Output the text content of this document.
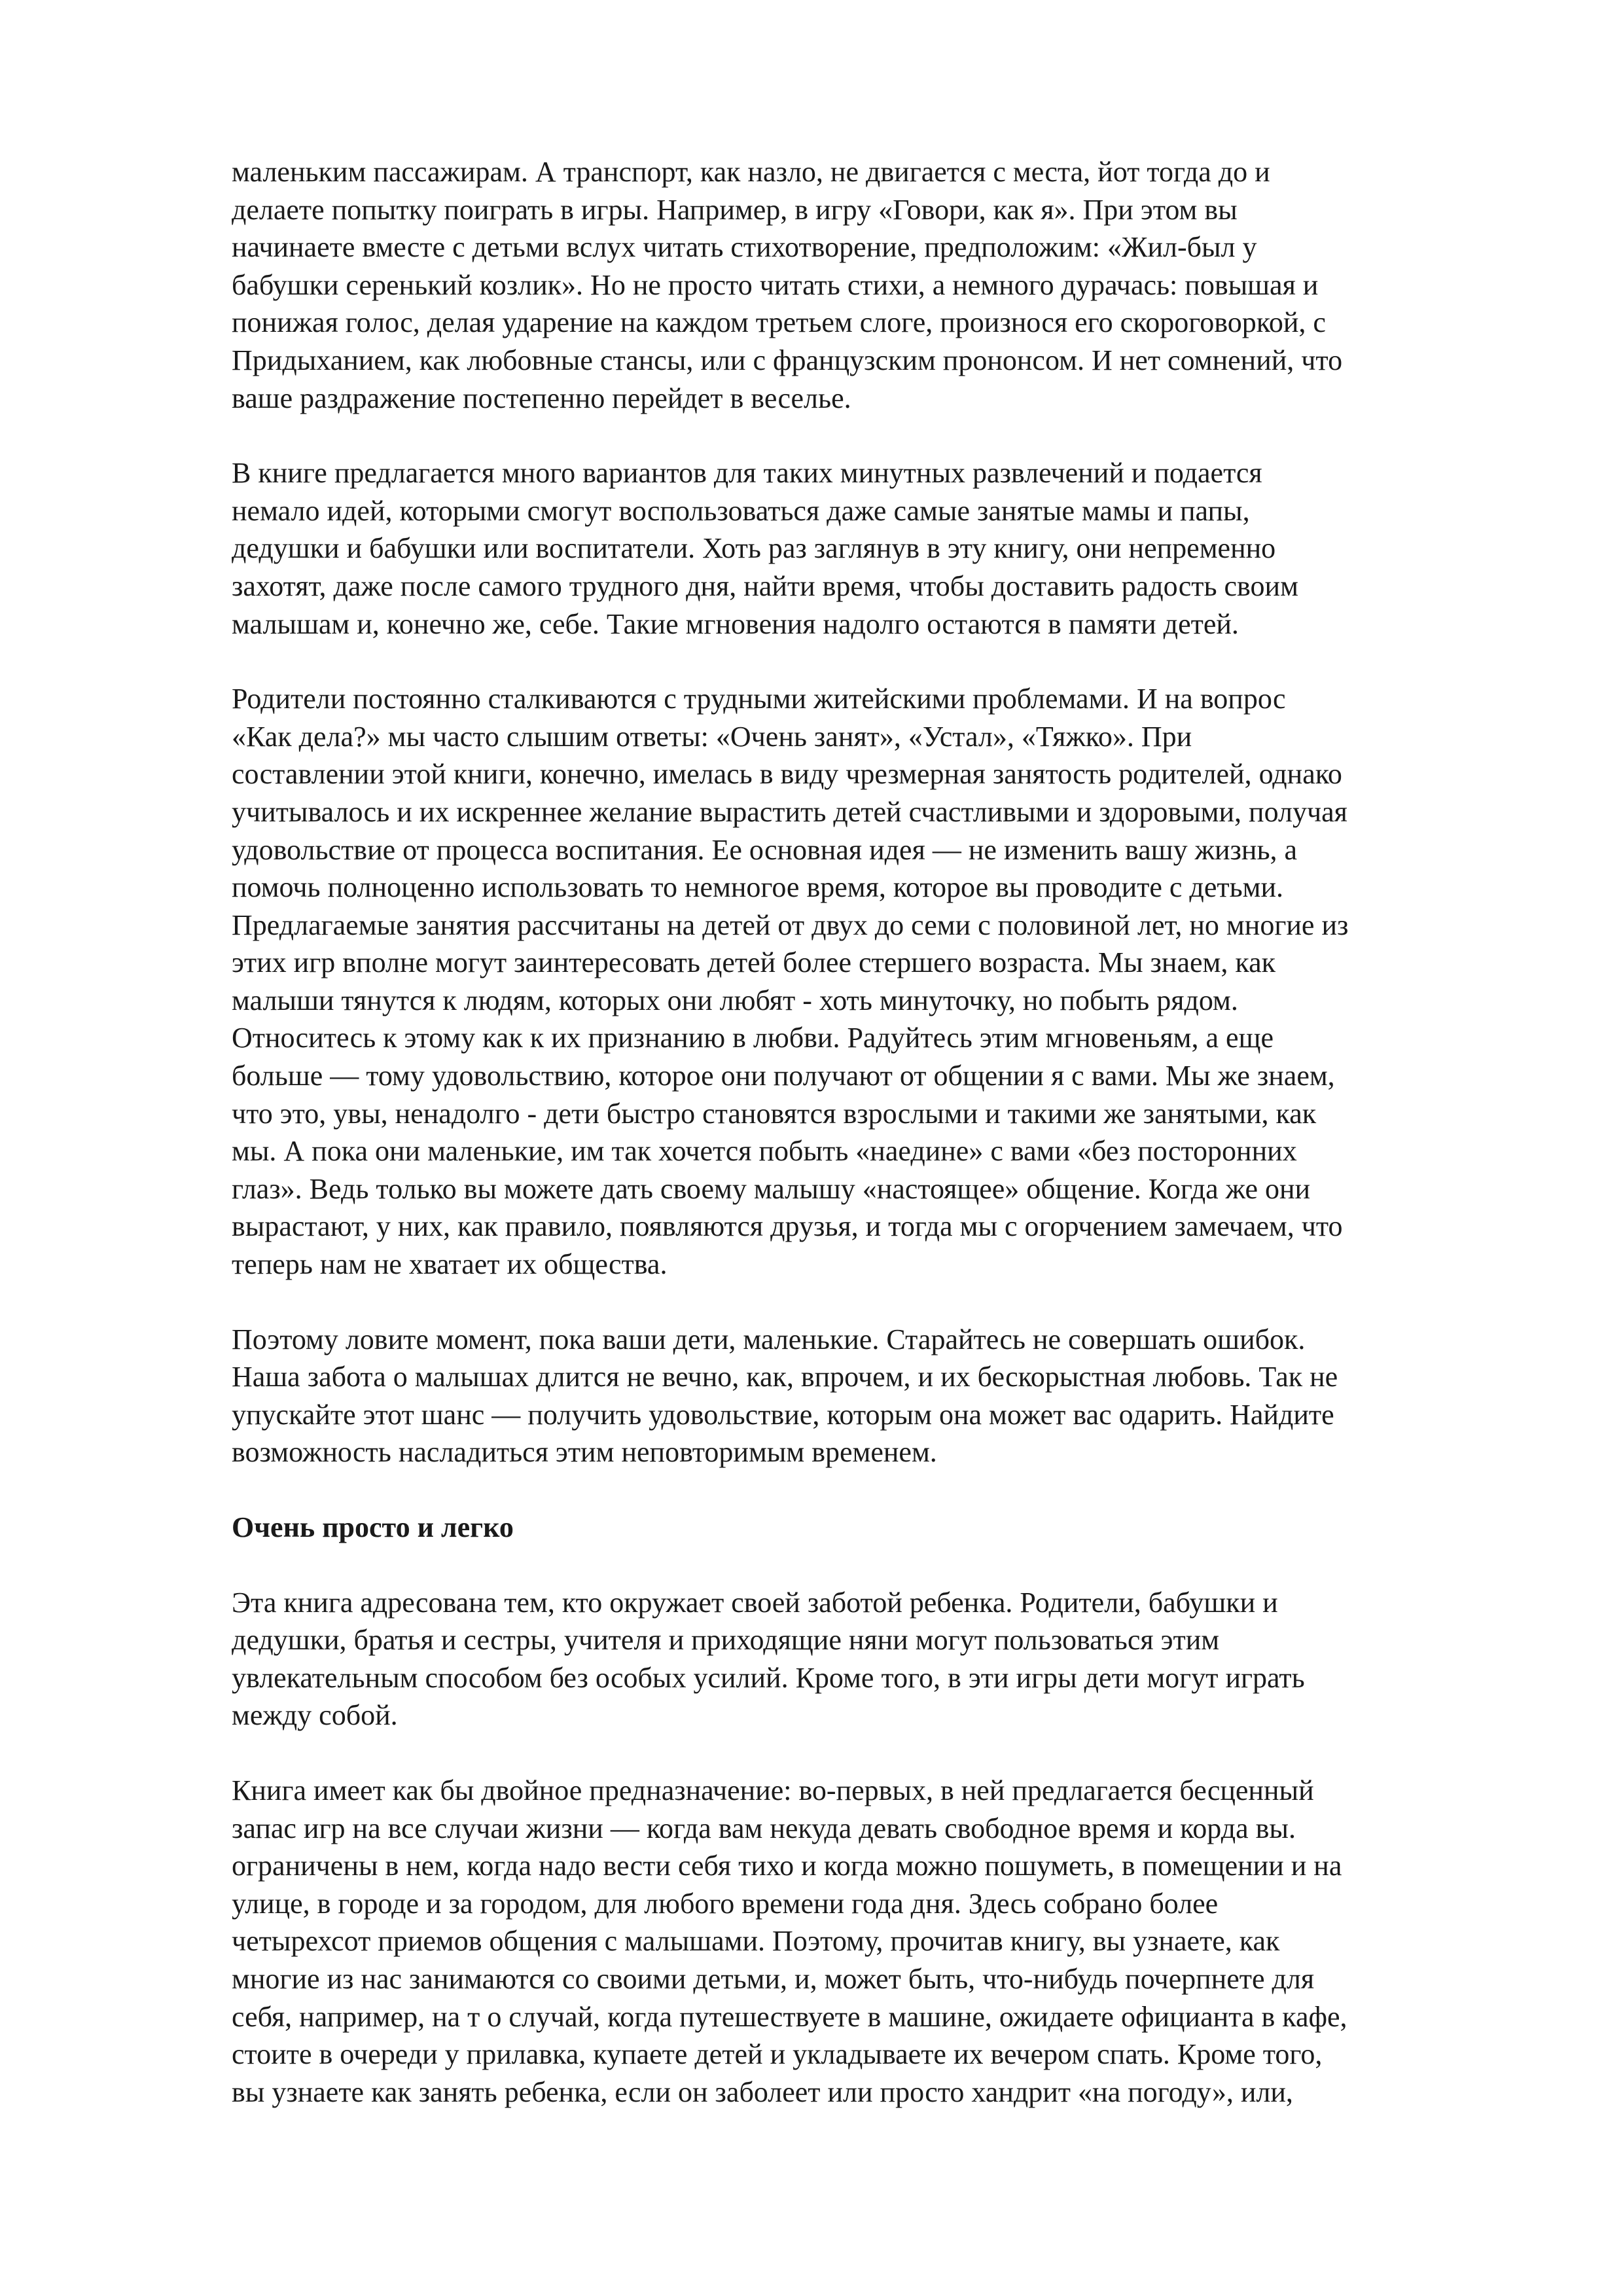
маленьким пассажирам. А транспорт, как назло, не двигается с места, йот тогда до и
делаете попытку поиграть в игры. Например, в игру «Говори, как я». При этом вы
начинаете вместе с детьми вслух читать стихотворение, предположим: «Жил-был у
бабушки серенький козлик». Но не просто читать стихи, а немного дурачась: повышая и
понижая голос, делая ударение на каждом третьем слоге, произнося его скороговоркой, с
Придыханием, как любовные стансы, или с французским прононсом. И нет сомнений, что
ваше раздражение постепенно перейдет в веселье.
В книге предлагается много вариантов для таких минутных развлечений и подается
немало идей, которыми смогут воспользоваться даже самые занятые мамы и папы,
дедушки и бабушки или воспитатели. Хоть раз заглянув в эту книгу, они непременно
захотят, даже после самого трудного дня, найти время, чтобы доставить радость своим
малышам и, конечно же, себе. Такие мгновения надолго остаются в памяти детей.
Родители постоянно сталкиваются с трудными житейскими проблемами. И на вопрос
«Как дела?» мы часто слышим ответы: «Очень занят», «Устал», «Тяжко». При
составлении этой книги, конечно, имелась в виду чрезмерная занятость родителей, однако
учитывалось и их искреннее желание вырастить детей счастливыми и здоровыми, получая
удовольствие от процесса воспитания. Ее основная идея — не изменить вашу жизнь, а
помочь полноценно использовать то немногое время, которое вы проводите с детьми.
Предлагаемые занятия рассчитаны на детей от двух до семи с половиной лет, но многие из
этих игр вполне могут заинтересовать детей более стершего возраста. Мы знаем, как
малыши тянутся к людям, которых они любят - хоть минуточку, но побыть рядом.
Относитесь к этому как к их признанию в любви. Радуйтесь этим мгновеньям, а еще
больше — тому удовольствию, которое они получают от общении я с вами. Мы же знаем,
что это, увы, ненадолго - дети быстро становятся взрослыми и такими же занятыми, как
мы. А пока они маленькие, им так хочется побыть «наедине» с вами «без посторонних
глаз». Ведь только вы можете дать своему малышу «настоящее» общение. Когда же они
вырастают, у них, как правило, появляются друзья, и тогда мы с огорчением замечаем, что
теперь нам не хватает их общества.
Поэтому ловите момент, пока ваши дети, маленькие. Старайтесь не совершать ошибок.
Наша забота о малышах длится не вечно, как, впрочем, и их бескорыстная любовь. Так не
упускайте этот шанс — получить удовольствие, которым она может вас одарить. Найдите
возможность насладиться этим неповторимым временем.
Очень просто и легко
Эта книга адресована тем, кто окружает своей заботой ребенка. Родители, бабушки и
дедушки, братья и сестры, учителя и приходящие няни могут пользоваться этим
увлекательным способом без особых усилий. Кроме того, в эти игры дети могут играть
между собой.
Книга имеет как бы двойное предназначение: во-первых, в ней предлагается бесценный
запас игр на все случаи жизни — когда вам некуда девать свободное время и корда вы.
ограничены в нем, когда надо вести себя тихо и когда можно пошуметь, в помещении и на
улице, в городе и за городом, для любого времени года дня. Здесь собрано более
четырехсот приемов общения с малышами. Поэтому, прочитав книгу, вы узнаете, как
многие из нас занимаются со своими детьми, и, может быть, что-нибудь почерпнете для
себя, например, на т о случай, когда путешествуете в машине, ожидаете официанта в кафе,
стоите в очереди у прилавка, купаете детей и укладываете их вечером спать. Кроме того,
вы узнаете как занять ребенка, если он заболеет или просто хандрит «на погоду», или,
